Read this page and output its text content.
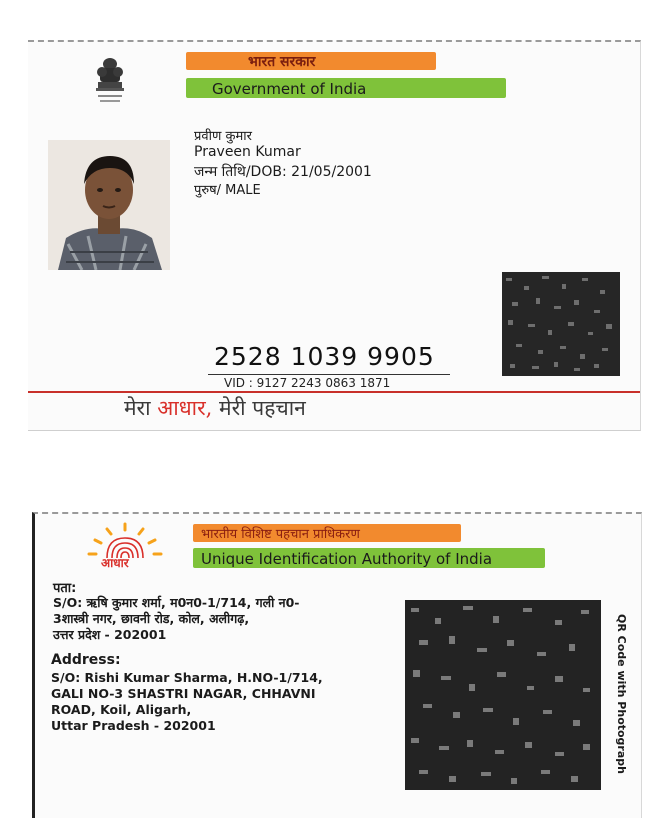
भारत सरकार
Government of India
प्रवीण कुमार
Praveen Kumar
जन्म तिथि/DOB: 21/05/2001
पुरुष/ MALE
2528 1039 9905
VID : 9127 2243 0863 1871
मेरा आधार, मेरी पहचान
आधार
भारतीय विशिष्ट पहचान प्राधिकरण
Unique Identification Authority of India
पता:
S/O: ऋषि कुमार शर्मा, म0न0-1/714, गली न0-
3शास्त्री नगर, छावनी रोड, कोल, अलीगढ़,
उत्तर प्रदेश - 202001
Address:
S/O: Rishi Kumar Sharma, H.NO-1/714,
GALI NO-3 SHASTRI NAGAR, CHHAVNI
ROAD, Koil, Aligarh,
Uttar Pradesh - 202001	QR Code with Photograph
